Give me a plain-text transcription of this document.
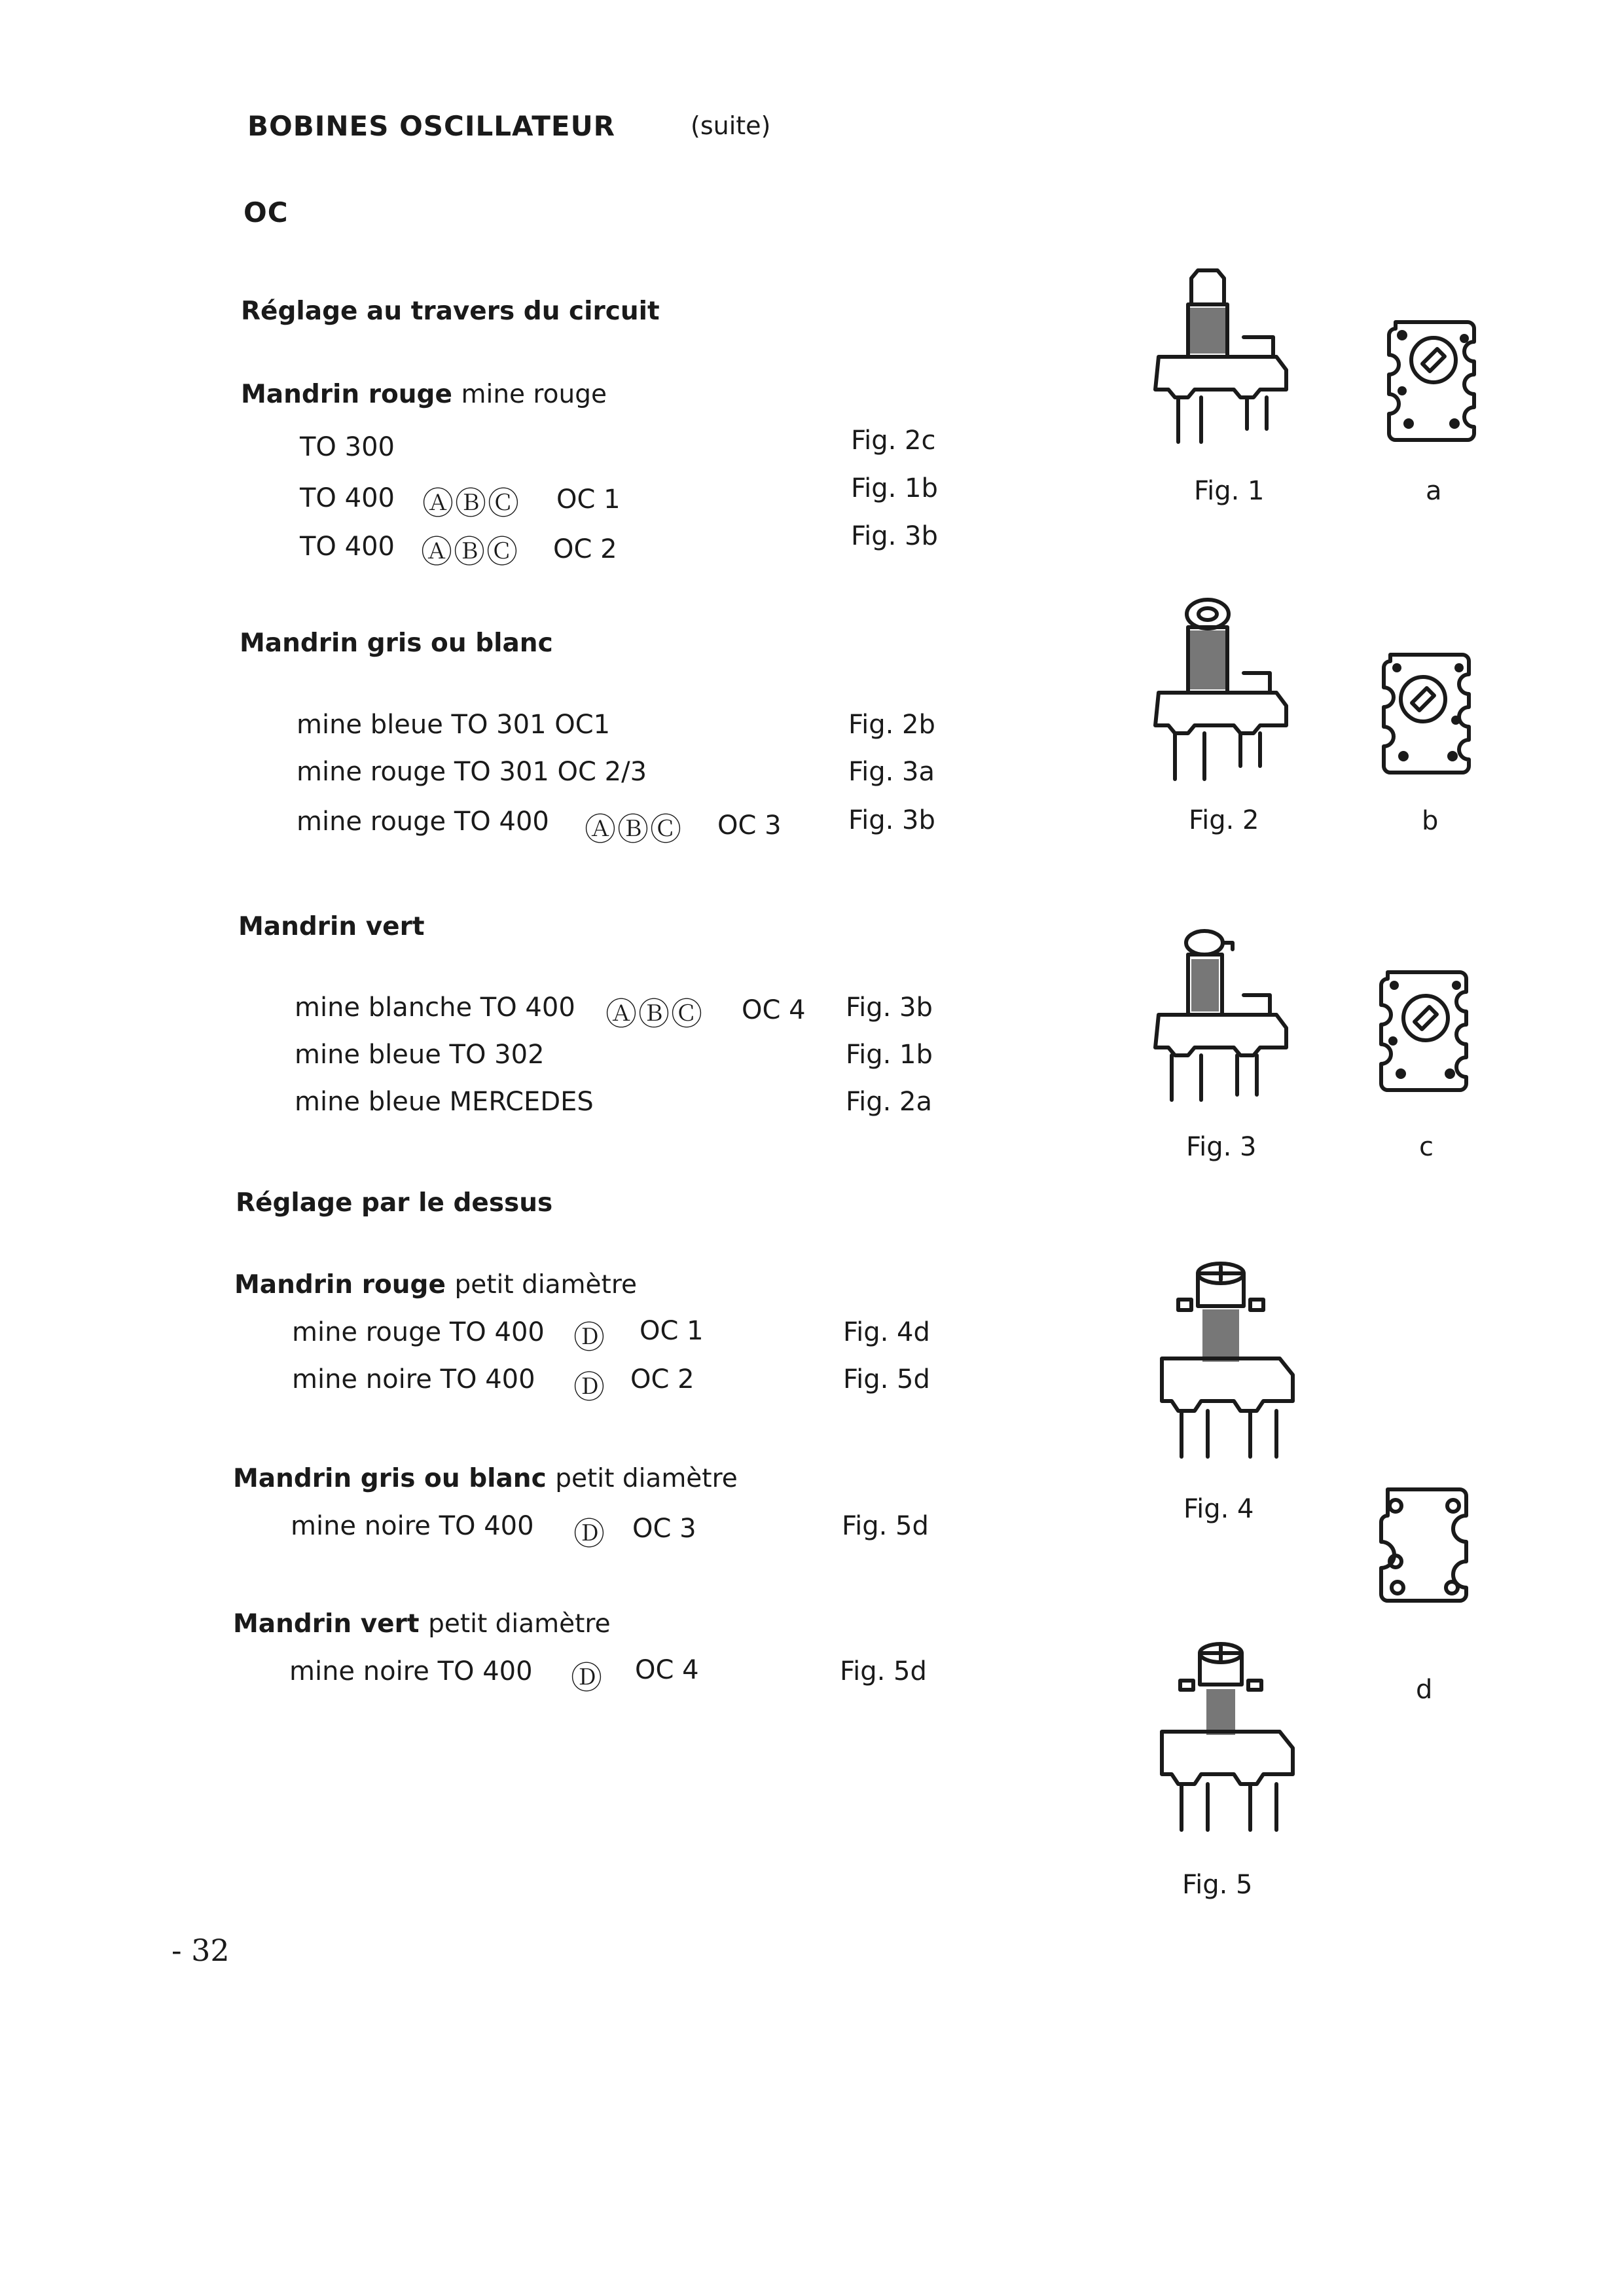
BOBINES OSCILLATEUR	(suite)
OC
Réglage au travers du circuit
Mandrin rouge mine rouge
TO 300	Fig. 2c
TO 400 ⒶⒷⒸ OC 1	Fig. 1b
TO 400 ⒶⒷⒸ OC 2	Fig. 3b
Mandrin gris ou blanc
mine bleue TO 301 OC1	Fig. 2b
mine rouge TO 301 OC 2/3	Fig. 3a
mine rouge TO 400 ⒶⒷⒸ OC 3	Fig. 3b
Mandrin vert
mine blanche TO 400 ⒶⒷⒸ OC 4 Fig. 3b
mine bleue TO 302	Fig. 1b
mine bleue MERCEDES	Fig. 2a
Réglage par le dessus
Mandrin rouge petit diamètre
mine rouge TO 400 Ⓓ OC 1	Fig. 4d
mine noire TO 400 Ⓓ OC 2	Fig. 5d
Mandrin gris ou blanc petit diamètre
mine noire TO 400 Ⓓ OC 3	Fig. 5d
Mandrin vert petit diamètre
mine noire TO 400 Ⓓ OC 4	Fig. 5d
Fig. 1
Fig. 2
Fig. 3
Fig. 4
Fig. 5
a
b
c
d
- 32
